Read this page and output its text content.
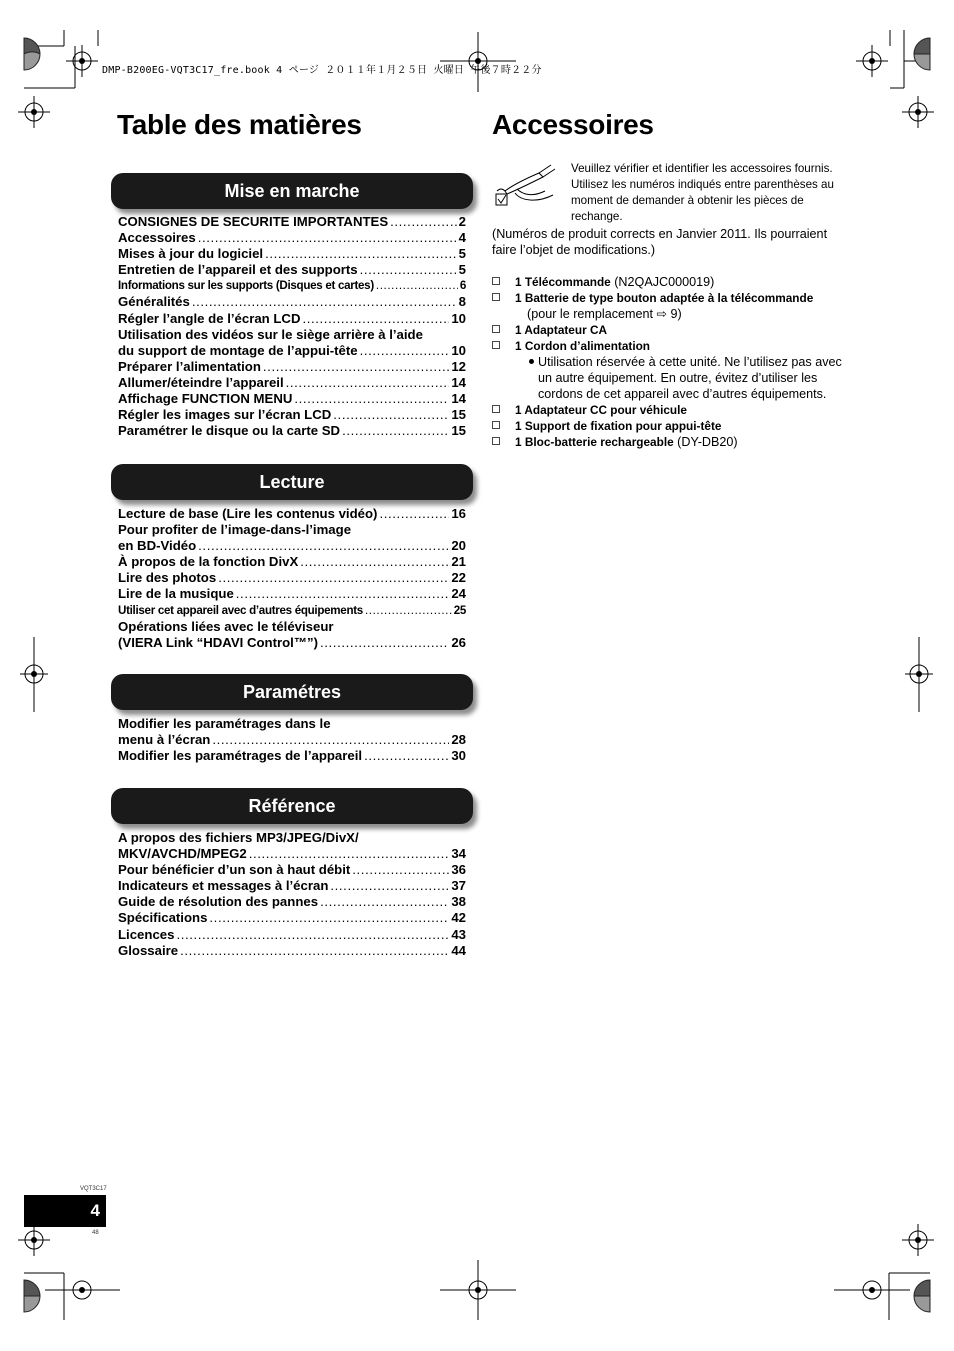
DMP-B200EG-VQT3C17_fre.book 4 ページ ２０１１年１月２５日 火曜日 午後７時２２分
Table des matières
Mise en marche
CONSIGNES DE SECURITE IMPORTANTES .....	2
Accessoires .....	4
Mises à jour du logiciel .....	5
Entretien de l’appareil et des supports .....	5
Informations sur les supports (Disques et cartes) .....	6
Généralités .....	8
Régler l’angle de l’écran LCD .....	10
Utilisation des vidéos sur le siège arrière à l’aide
du support de montage de l’appui-tête .....	10
Préparer l’alimentation .....	12
Allumer/éteindre l’appareil .....	14
Affichage FUNCTION MENU .....	14
Régler les images sur l’écran LCD .....	15
Paramétrer le disque ou la carte SD .....	15
Lecture
Lecture de base (Lire les contenus vidéo) .....	16
Pour profiter de l’image-dans-l’image
en BD-Vidéo .....	20
À propos de la fonction DivX .....	21
Lire des photos .....	22
Lire de la musique .....	24
Utiliser cet appareil avec d’autres équipements .....	25
Opérations liées avec le téléviseur
(VIERA Link “HDAVI Control™”) .....	26
Paramétres
Modifier les paramétrages dans le
menu à l’écran .....	28
Modifier les paramétrages de l’appareil .....	30
Référence
A propos des fichiers MP3/JPEG/DivX/
MKV/AVCHD/MPEG2 .....	34
Pour bénéficier d’un son à haut débit .....	36
Indicateurs et messages à l’écran .....	37
Guide de résolution des pannes .....	38
Spécifications .....	42
Licences .....	43
Glossaire .....	44
Accessoires
Veuillez vérifier et identifier les accessoires fournis.
Utilisez les numéros indiqués entre parenthèses au
moment de demander à obtenir les pièces de
rechange.
(Numéros de produit corrects en Janvier 2011. Ils pourraient
faire l’objet de modifications.)
1 Télécommande (N2QAJC000019)
1 Batterie de type bouton adaptée à la télécommande
(pour le remplacement ⇨ 9)
1 Adaptateur CA
1 Cordon d’alimentation
Utilisation réservée à cette unité. Ne l’utilisez pas avec
un autre équipement. En outre, évitez d’utiliser les
cordons de cet appareil avec d’autres équipements.
1 Adaptateur CC pour véhicule
1 Support de fixation pour appui-tête
1 Bloc-batterie rechargeable (DY-DB20)
VQT3C17
4
48
